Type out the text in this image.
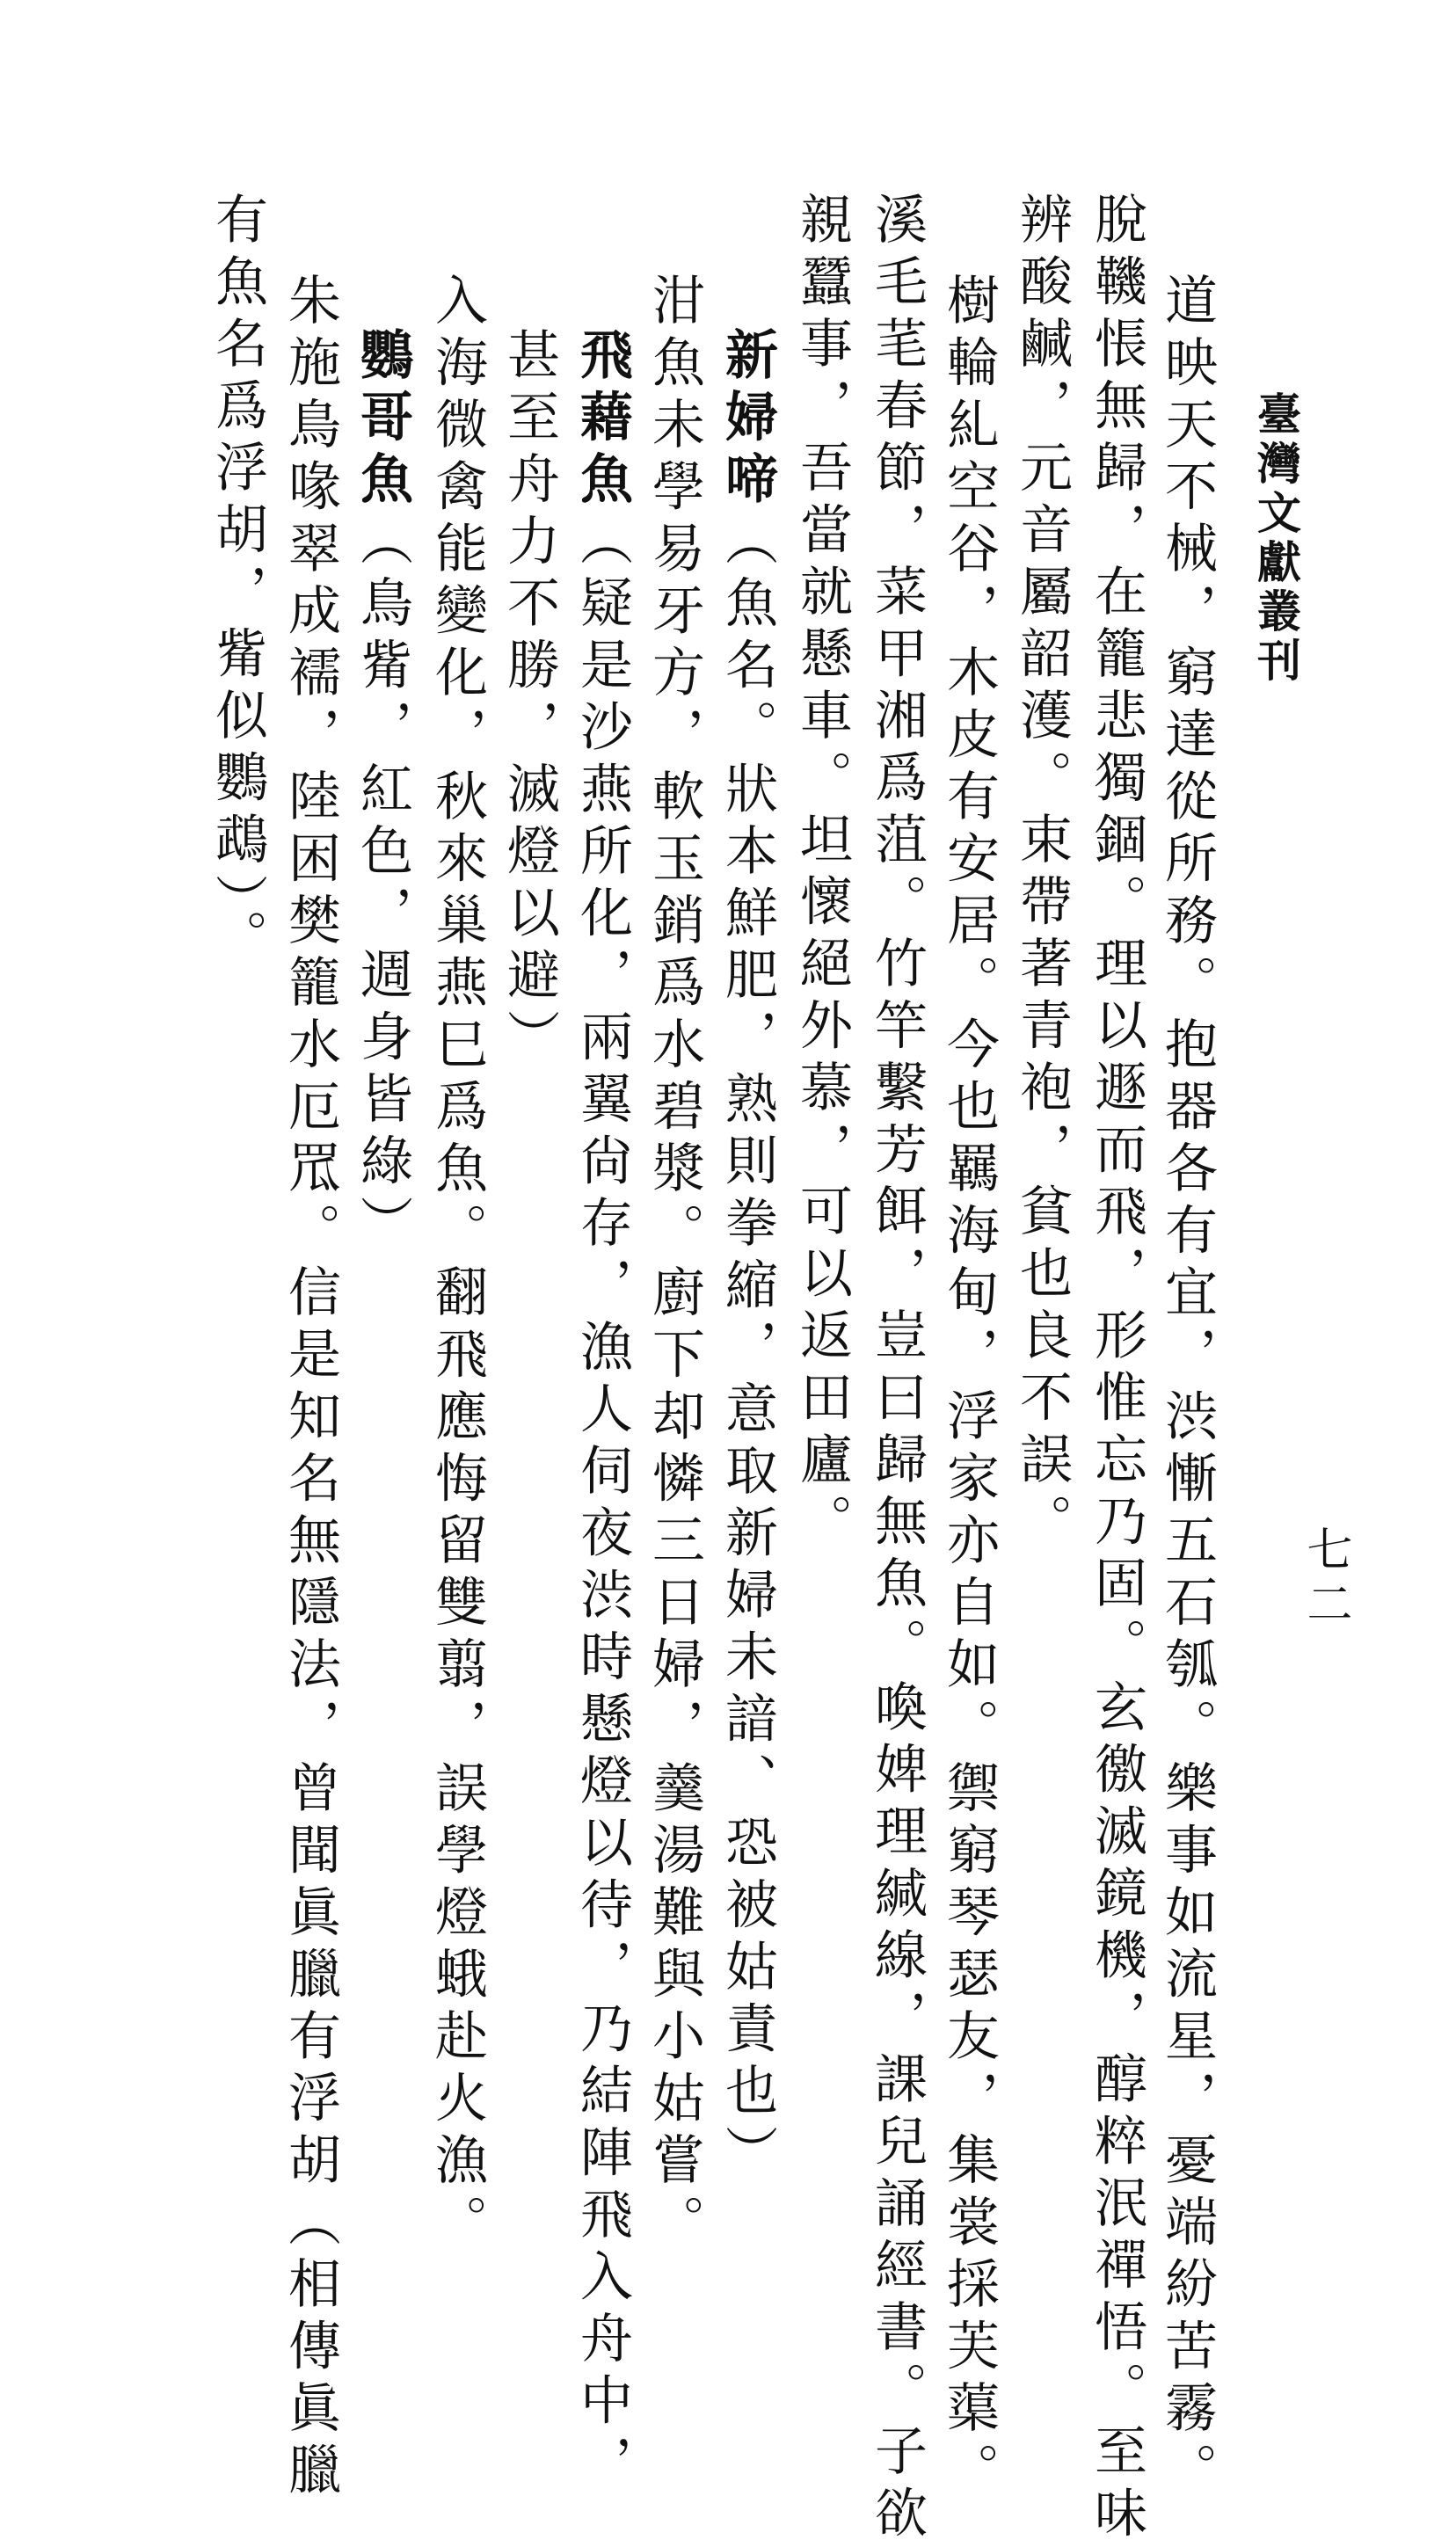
臺灣文獻叢刊
七二
道映天不械，窮達從所務。抱器各有宜，渋慚五石瓠。樂事如流星，憂端紛苦霧。
脫鞿悵無歸，在籠悲獨錮。理以遯而飛，形惟忘乃固。玄徼滅鏡機，醇粹泯禪悟。至味
辨酸鹹，元音屬韶濩。束帶著青袍，貧也良不誤。
樹輪糺空谷，木皮有安居。今也羈海甸，浮家亦自如。禦窮琴瑟友，集裳採芙蕖。
溪毛芼春節，菜甲湘爲菹。竹竿繫芳餌，豈曰歸無魚。喚婢理緘線，課兒誦經書。子欲
親蠶事，吾當就懸車。坦懷絕外慕，可以返田廬。
新婦啼（魚名。狀本鮮肥，熟則拳縮，意取新婦未諳、恐被姑責也）
泔魚未學易牙方，軟玉銷爲水碧漿。廚下却憐三日婦，羹湯難與小姑嘗。
飛藉魚（疑是沙燕所化，兩翼尙存，漁人伺夜渋時懸燈以待，乃結陣飛入舟中，
甚至舟力不勝，滅燈以避）
入海微禽能變化，秋來巢燕巳爲魚。翻飛應悔留雙翦，誤學燈蛾赴火漁。
鸚哥魚（鳥觜，紅色，週身皆綠）
朱施鳥喙翠成襦，陸困樊籠水厄罛。信是知名無隱法，曾聞眞臘有浮胡（相傳眞臘
有魚名爲浮胡，觜似鸚鵡）。
